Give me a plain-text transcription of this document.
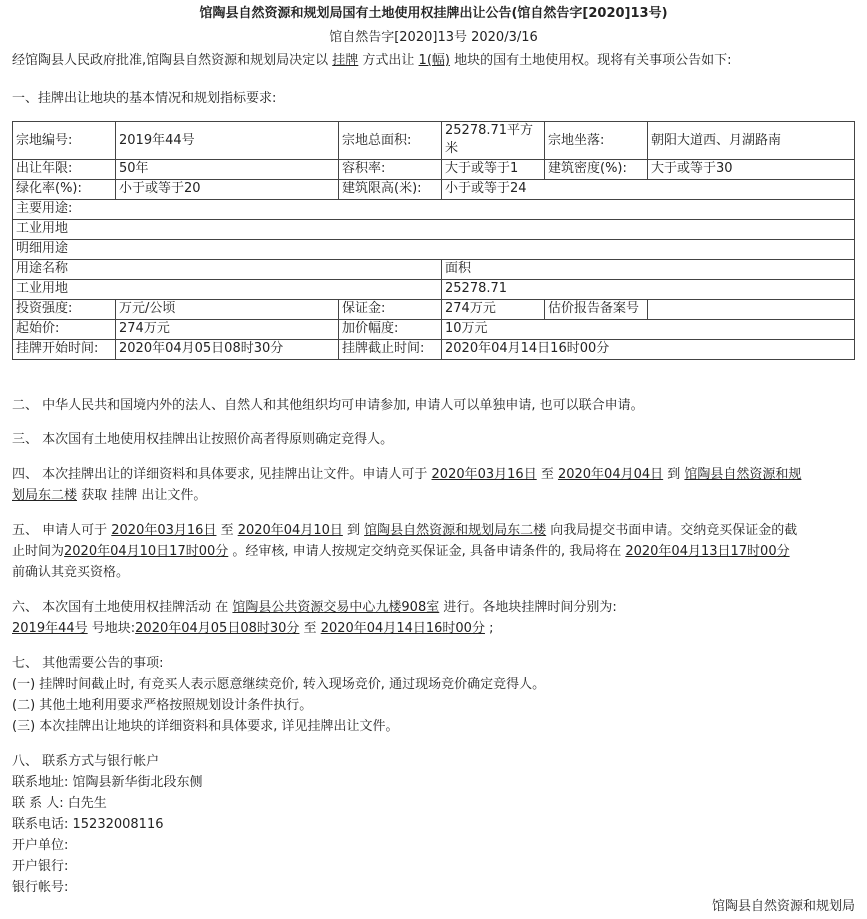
馆陶县自然资源和规划局国有土地使用权挂牌出让公告(馆自然告字[2020]13号)
馆自然告字[2020]13号 2020/3/16
经馆陶县人民政府批准,馆陶县自然资源和规划局决定以 挂牌 方式出让 1(幅) 地块的国有土地使用权。现将有关事项公告如下:
一、挂牌出让地块的基本情况和规划指标要求:
宗地编号:	2019年44号	宗地总面积:	25278.71平方米	宗地坐落:	朝阳大道西、月湖路南
出让年限:	50年	容积率:	大于或等于1	建筑密度(%):	大于或等于30
绿化率(%):	小于或等于20	建筑限高(米):	小于或等于24		
主要用途:					
工业用地					
明细用途					
用途名称			面积		
工业用地			25278.71		
投资强度:	万元/公顷	保证金:	274万元	估价报告备案号	
起始价:	274万元	加价幅度:	10万元		
挂牌开始时间:	2020年04月05日08时30分	挂牌截止时间:	2020年04月14日16时00分		
二、 中华人民共和国境内外的法人、自然人和其他组织均可申请参加, 申请人可以单独申请, 也可以联合申请。
三、 本次国有土地使用权挂牌出让按照价高者得原则确定竞得人。
四、 本次挂牌出让的详细资料和具体要求, 见挂牌出让文件。申请人可于 2020年03月16日 至 2020年04月04日 到 馆陶县自然资源和规
划局东二楼 获取 挂牌 出让文件。
五、 申请人可于 2020年03月16日 至 2020年04月10日 到 馆陶县自然资源和规划局东二楼 向我局提交书面申请。交纳竞买保证金的截
止时间为2020年04月10日17时00分 。经审核, 申请人按规定交纳竞买保证金, 具备申请条件的, 我局将在 2020年04月13日17时00分
前确认其竞买资格。
六、 本次国有土地使用权挂牌活动 在 馆陶县公共资源交易中心九楼908室 进行。各地块挂牌时间分别为:
2019年44号 号地块:2020年04月05日08时30分 至 2020年04月14日16时00分 ;
七、 其他需要公告的事项:
(一) 挂牌时间截止时, 有竞买人表示愿意继续竞价, 转入现场竞价, 通过现场竞价确定竞得人。
(二) 其他土地利用要求严格按照规划设计条件执行。
(三) 本次挂牌出让地块的详细资料和具体要求, 详见挂牌出让文件。
八、 联系方式与银行帐户
联系地址: 馆陶县新华街北段东侧
联 系 人: 白先生
联系电话: 15232008116
开户单位:
开户银行:
银行帐号:
馆陶县自然资源和规划局
